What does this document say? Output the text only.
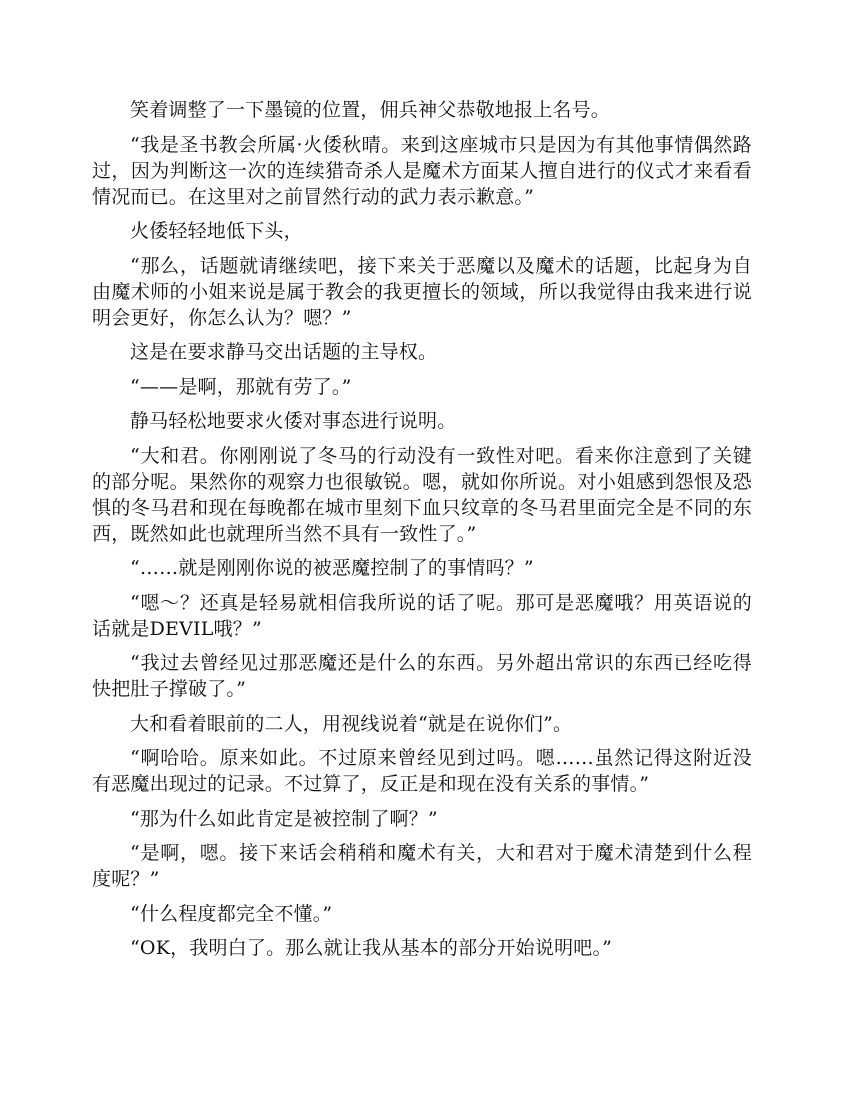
笑着调整了一下墨镜的位置，佣兵神父恭敬地报上名号。

“我是圣书教会所属·火倭秋晴。来到这座城市只是因为有其他事情偶然路过，因为判断这一次的连续猎奇杀人是魔术方面某人擅自进行的仪式才来看看情况而已。在这里对之前冒然行动的武力表示歉意。”

火倭轻轻地低下头，

“那么，话题就请继续吧，接下来关于恶魔以及魔术的话题，比起身为自由魔术师的小姐来说是属于教会的我更擅长的领域，所以我觉得由我来进行说明会更好，你怎么认为？嗯？”

这是在要求静马交出话题的主导权。

“——是啊，那就有劳了。”

静马轻松地要求火倭对事态进行说明。

“大和君。你刚刚说了冬马的行动没有一致性对吧。看来你注意到了关键的部分呢。果然你的观察力也很敏锐。嗯，就如你所说。对小姐感到怨恨及恐惧的冬马君和现在每晚都在城市里刻下血只纹章的冬马君里面完全是不同的东西，既然如此也就理所当然不具有一致性了。”

“……就是刚刚你说的被恶魔控制了的事情吗？”

“嗯～？还真是轻易就相信我所说的话了呢。那可是恶魔哦？用英语说的话就是DEVIL哦？”

“我过去曾经见过那恶魔还是什么的东西。另外超出常识的东西已经吃得快把肚子撑破了。”

大和看着眼前的二人，用视线说着“就是在说你们”。

“啊哈哈。原来如此。不过原来曾经见到过吗。嗯……虽然记得这附近没有恶魔出现过的记录。不过算了，反正是和现在没有关系的事情。”

“那为什么如此肯定是被控制了啊？”

“是啊，嗯。接下来话会稍稍和魔术有关，大和君对于魔术清楚到什么程度呢？”

“什么程度都完全不懂。”

“OK，我明白了。那么就让我从基本的部分开始说明吧。”
